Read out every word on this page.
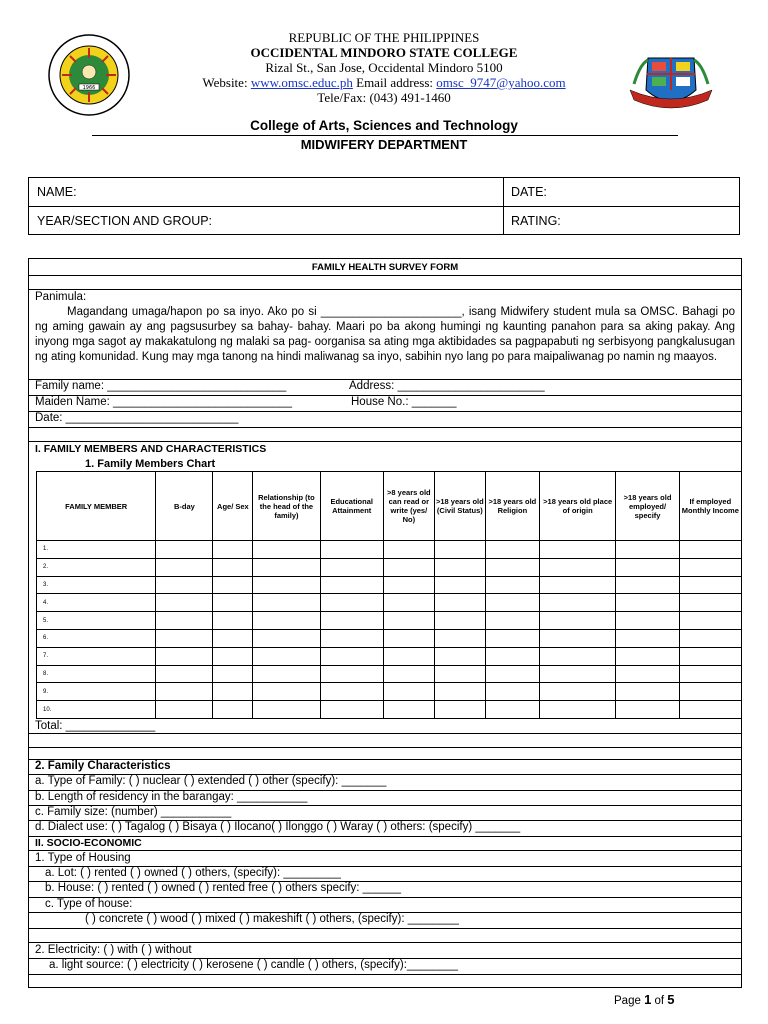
1966
REPUBLIC OF THE PHILIPPINES
OCCIDENTAL MINDORO STATE COLLEGE
Rizal St., San Jose, Occidental Mindoro 5100
Website: www.omsc.educ.ph Email address: omsc_9747@yahoo.com
Tele/Fax: (043) 491-1460
College of Arts, Sciences and Technology
MIDWIFERY DEPARTMENT
NAME:	DATE:
YEAR/SECTION AND GROUP:	RATING:
FAMILY HEALTH SURVEY FORM
Panimula:
Magandang umaga/hapon po sa inyo. Ako po si ______________________, isang Midwifery student mula sa OMSC. Bahagi po ng aming gawain ay ang pagsusurbey sa bahay- bahay. Maari po ba akong humingi ng kaunting panahon para sa aking pakay. Ang inyong mga sagot ay makakatulong ng malaki sa pag- oorganisa sa ating mga aktibidades sa pagpapabuti ng serbisyong pangkalusugan ng ating komunidad. Kung may mga tanong na hindi maliwanag sa inyo, sabihin nyo lang po para maipaliwanag po namin ng maayos.
Family name: ____________________________	Address: _______________________
Maiden Name: ____________________________	House No.: _______
Date: ___________________________
I. FAMILY MEMBERS AND CHARACTERISTICS
1. Family Members Chart
FAMILY MEMBER	B-day	Age/ Sex	Relationship (to the head of the family)	Educational Attainment	>8 years old can read or write (yes/ No)	>18 years old (Civil Status)	>18 years old Religion	>18 years old place of origin	>18 years old employed/ specify	If employed Monthly Income
1.										
2.										
3.										
4.										
5.										
6.										
7.										
8.										
9.										
10.										
Total: ______________
2. Family Characteristics
a. Type of Family: ( ) nuclear ( ) extended ( ) other (specify): _______
b. Length of residency in the barangay: ___________
c. Family size: (number) ___________
d. Dialect use: ( ) Tagalog ( ) Bisaya ( ) Ilocano( ) Ilonggo ( ) Waray ( ) others: (specify) _______
II. SOCIO-ECONOMIC
1. Type of Housing
a. Lot: ( ) rented ( ) owned ( ) others, (specify): _________
b. House: ( ) rented ( ) owned ( ) rented free ( ) others specify: ______
c. Type of house:
( ) concrete ( ) wood ( ) mixed ( ) makeshift ( ) others, (specify): ________
2. Electricity: ( ) with ( ) without
a. light source: ( ) electricity ( ) kerosene ( ) candle ( ) others, (specify):________
Page 1 of 5
